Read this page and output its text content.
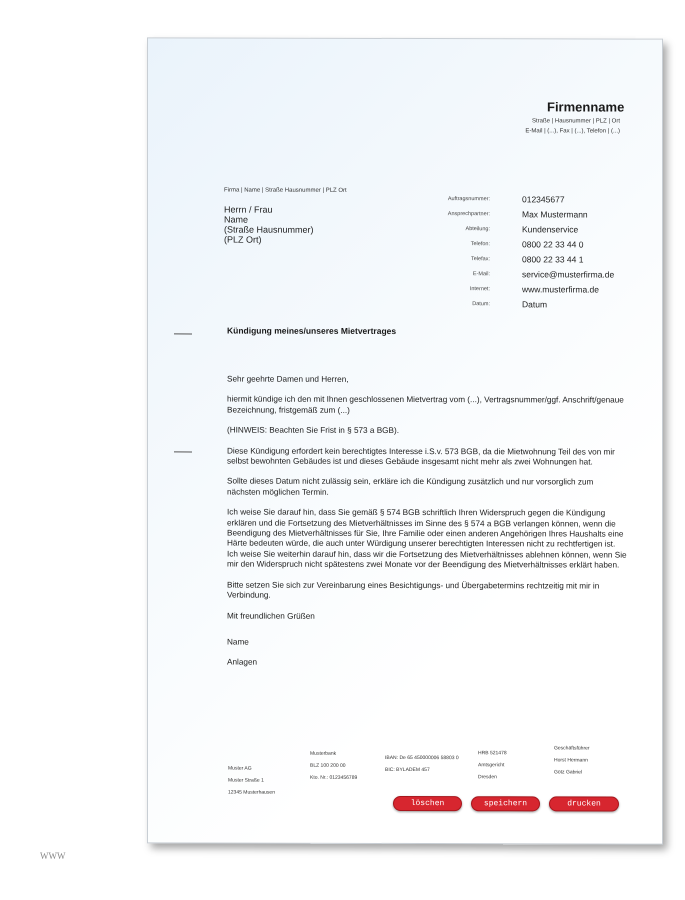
Firmenname
Straße | Hausnummer | PLZ | Ort
E-Mail | (...), Fax | (...), Telefon | (...)
Firma | Name | Straße Hausnummer | PLZ Ort
Herrn / Frau
Name
(Straße Hausnummer)
(PLZ Ort)
Auftragsnummer:	012345677
Ansprechpartner:	Max Mustermann
Abteilung:	Kundenservice
Telefon:	0800 22 33 44 0
Telefax:	0800 22 33 44 1
E-Mail:	service@musterfirma.de
Internet:	www.musterfirma.de
Datum:	Datum
Kündigung meines/unseres Mietvertrages

Sehr geehrte Damen und Herren,

hiermit kündige ich den mit Ihnen geschlossenen Mietvertrag vom (...), Vertragsnummer/ggf. Anschrift/genaue Bezeichnung, fristgemäß zum (...)

(HINWEIS: Beachten Sie Frist in § 573 a BGB).

Diese Kündigung erfordert kein berechtigtes Interesse i.S.v. 573 BGB, da die Mietwohnung Teil des von mir selbst bewohnten Gebäudes ist und dieses Gebäude insgesamt nicht mehr als zwei Wohnungen hat.

Sollte dieses Datum nicht zulässig sein, erkläre ich die Kündigung zusätzlich und nur vorsorglich zum nächsten möglichen Termin.

Ich weise Sie darauf hin, dass Sie gemäß § 574 BGB schriftlich Ihren Widerspruch gegen die Kündigung erklären und die Fortsetzung des Mietverhältnisses im Sinne des § 574 a BGB verlangen können, wenn die Beendigung des Mietverhältnisses für Sie, Ihre Familie oder einen anderen Angehörigen Ihres Haushalts eine Härte bedeuten würde, die auch unter Würdigung unserer berechtigten Interessen nicht zu rechtfertigen ist. Ich weise Sie weiterhin darauf hin, dass wir die Fortsetzung des Mietverhältnisses ablehnen können, wenn Sie mir den Widerspruch nicht spätestens zwei Monate vor der Beendigung des Mietverhältnisses erklärt haben.

Bitte setzen Sie sich zur Vereinbarung eines Besichtigungs- und Übergabetermins rechtzeitig mit mir in Verbindung.

Mit freundlichen Grüßen

Name

Anlagen

Muster AG
Muster Straße 1
12345 Musterhausen
Musterbank
BLZ 100 200 00
Kto. Nr.: 0123456789
IBAN: De 65 450000006 58803 0
BIC: BYLADEM 457
HRB 521478
Amtsgericht
Dresden
Geschäftsführer
Horst Hermann
Götz Gabriel
löschen	speichern	drucken
WWW
